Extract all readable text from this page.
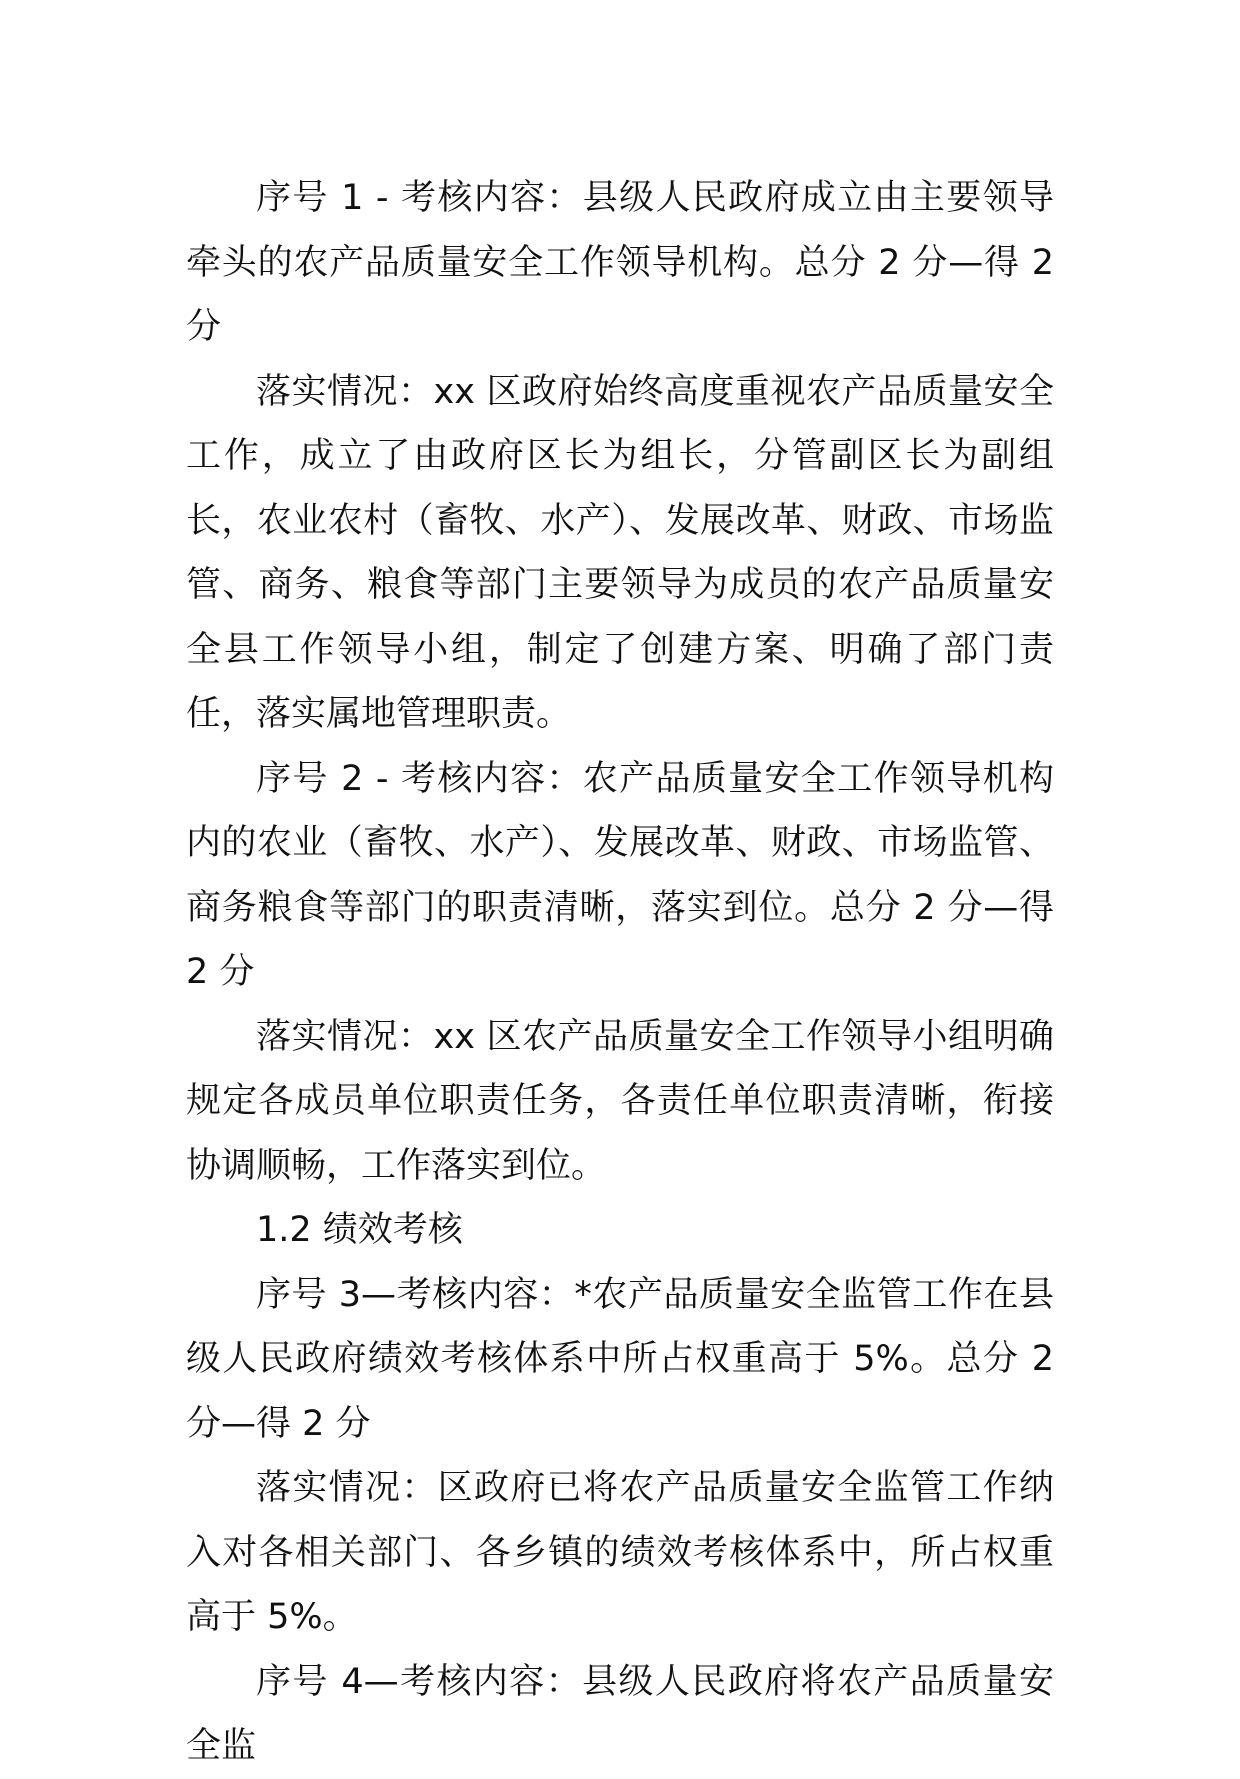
序号 1 - 考核内容：县级人民政府成立由主要领导牵头的农产品质量安全工作领导机构。总分 2 分—得 2 分

落实情况：xx 区政府始终高度重视农产品质量安全工作，成立了由政府区长为组长，分管副区长为副组长，农业农村（畜牧、水产）、发展改革、财政、市场监管、商务、粮食等部门主要领导为成员的农产品质量安全县工作领导小组，制定了创建方案、明确了部门责任，落实属地管理职责。

序号 2 - 考核内容：农产品质量安全工作领导机构内的农业（畜牧、水产）、发展改革、财政、市场监管、商务粮食等部门的职责清晰，落实到位。总分 2 分—得 2 分

落实情况：xx 区农产品质量安全工作领导小组明确规定各成员单位职责任务，各责任单位职责清晰，衔接协调顺畅，工作落实到位。

1.2 绩效考核

序号 3—考核内容：*农产品质量安全监管工作在县级人民政府绩效考核体系中所占权重高于 5%。总分 2 分—得 2 分

落实情况：区政府已将农产品质量安全监管工作纳入对各相关部门、各乡镇的绩效考核体系中，所占权重高于 5%。

序号 4—考核内容：县级人民政府将农产品质量安全监
